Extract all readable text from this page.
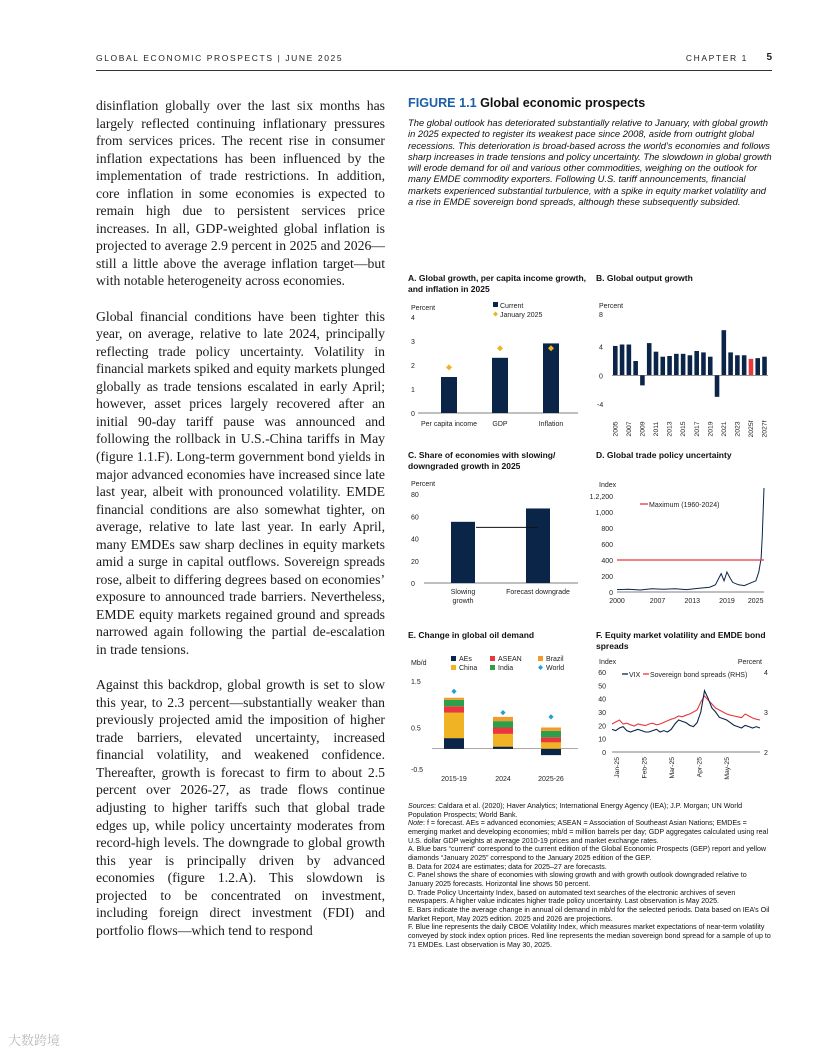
GLOBAL ECONOMIC PROSPECTS | JUNE 2025	CHAPTER 1 5

disinflation globally over the last six months has largely reflected continuing inflationary pressures from services prices. The recent rise in consumer inflation expectations has been influenced by the implementation of trade restrictions. In addition, core inflation in some economies is expected to remain high due to persistent services price increases. In all, GDP-weighted global inflation is projected to average 2.9 percent in 2025 and 2026—still a little above the average inflation target—but with notable heterogeneity across economies.

Global financial conditions have been tighter this year, on average, relative to late 2024, principally reflecting trade policy uncertainty. Volatility in financial markets spiked and equity markets plunged globally as trade tensions escalated in early April; however, asset prices largely recovered after an initial 90-day tariff pause was announced and following the rollback in U.S.-China tariffs in May (figure 1.1.F). Long-term government bond yields in major advanced economies have increased since late last year, albeit with pronounced volatility. EMDE financial conditions are also somewhat tighter, on average, relative to late last year. In early April, many EMDEs saw sharp declines in equity markets amid a surge in capital outflows. Sovereign spreads rose, albeit to differing degrees based on economies’ exposure to announced trade barriers. Nevertheless, EMDE equity markets regained ground and spreads narrowed again following the partial de-escalation in trade tensions.

Against this backdrop, global growth is set to slow this year, to 2.3 percent—substantially weaker than previously projected amid the imposition of higher trade barriers, elevated uncertainty, increased financial volatility, and weakened confidence. Thereafter, growth is forecast to firm to about 2.5 percent over 2026-27, as trade flows continue adjusting to higher tariffs such that global trade edges up, while policy uncertainty moderates from record-high levels. The downgrade to global growth this year is principally driven by advanced economies (figure 1.2.A). This slowdown is projected to be concentrated on investment, including foreign direct investment (FDI) and portfolio flows—which tend to respond

FIGURE 1.1 Global economic prospects
The global outlook has deteriorated substantially relative to January, with global growth in 2025 expected to register its weakest pace since 2008, aside from outright global recessions. This deterioration is broad-based across the world’s economies and follows sharp increases in trade tensions and policy uncertainty. The slowdown in global growth will erode demand for oil and various other commodities, weighing on the outlook for many EMDE commodity exporters. Following U.S. tariff announcements, financial markets experienced substantial turbulence, with a spike in equity market volatility and a rise in EMDE sovereign bond spreads, although these subsequently subsided.
A. Global growth, per capita income growth, and inflation in 2025
B. Global output growth
C. Share of economies with slowing/ downgraded growth in 2025
D. Global trade policy uncertainty
E. Change in global oil demand	F. Equity market volatility and EMDE bond spreads
Percent
1
2
3
0
4
Per capita income GDP	Inflation
Current
January 2025
Percent
8
4
0
-4
2005 2007 2009 2011 2013 2015 2017 2019 2021 2023 2025f 2027f
Percent
0
20
40
60
80
Slowing
growth
Forecast downgrade
Index
0
200
400
600
800
1,000
1.2,200
Maximum (1960-2024)
2000	2007	2013	2019 2025
Mb/d
1.5
0.5
-0.5
2015-19	2024	2025-26
AEs
China
ASEAN
India
Brazil
World
Index	Percent
0
10
20
30
40
50
60
2
3
4
VIX Sovereign bond spreads (RHS)
Jan-25	Feb-25	Mar-25	Apr-25	May-25

Sources: Caldara et al. (2020); Haver Analytics; International Energy Agency (IEA); J.P. Morgan; UN World Population Prospects; World Bank.

Note: f = forecast. AEs = advanced economies; ASEAN = Association of Southeast Asian Nations; EMDEs = emerging market and developing economies; mb/d = million barrels per day; GDP aggregates calculated using real U.S. dollar GDP weights at average 2010-19 prices and market exchange rates.

A. Blue bars “current” correspond to the current edition of the Global Economic Prospects (GEP) report and yellow diamonds “January 2025” correspond to the January 2025 edition of the GEP.

B. Data for 2024 are estimates; data for 2025–27 are forecasts.

C. Panel shows the share of economies with slowing growth and with growth outlook downgraded relative to January 2025 forecasts. Horizontal line shows 50 percent.

D. Trade Policy Uncertainty Index, based on automated text searches of the electronic archives of seven newspapers. A higher value indicates higher trade policy uncertainty. Last observation is May 2025.

E. Bars indicate the average change in annual oil demand in mb/d for the selected periods. Data based on IEA’s Oil Market Report, May 2025 edition. 2025 and 2026 are projections.

F. Blue line represents the daily CBOE Volatility Index, which measures market expectations of near-term volatility conveyed by stock index option prices. Red line represents the median sovereign bond spread for a sample of up to 71 EMDEs. Last observation is May 30, 2025.

大数跨境
